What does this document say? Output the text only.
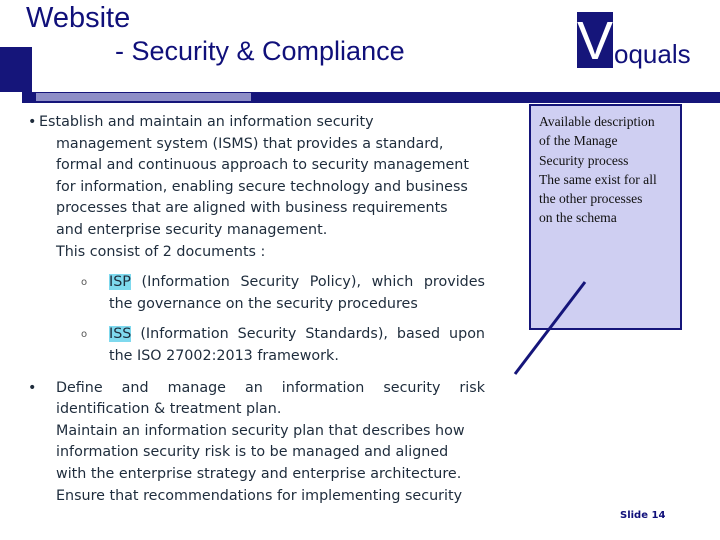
Website
- Security & Compliance	V oquals
• Establish and maintain an information security
management system (ISMS) that provides a standard,
formal and continuous approach to security management
for information, enabling secure technology and business
processes that are aligned with business requirements
and enterprise security management.
This consist of 2 documents :
o ISP (Information Security Policy), which provides
the governance on the security procedures
o ISS (Information Security Standards), based upon
the ISO 27002:2013 framework.
• Define and manage an information security risk
identification & treatment plan.
Maintain an information security plan that describes how
information security risk is to be managed and aligned
with the enterprise strategy and enterprise architecture.
Ensure that recommendations for implementing security
Available description
of the Manage
Security process
The same exist for all
the other processes
on the schema
Slide 14
